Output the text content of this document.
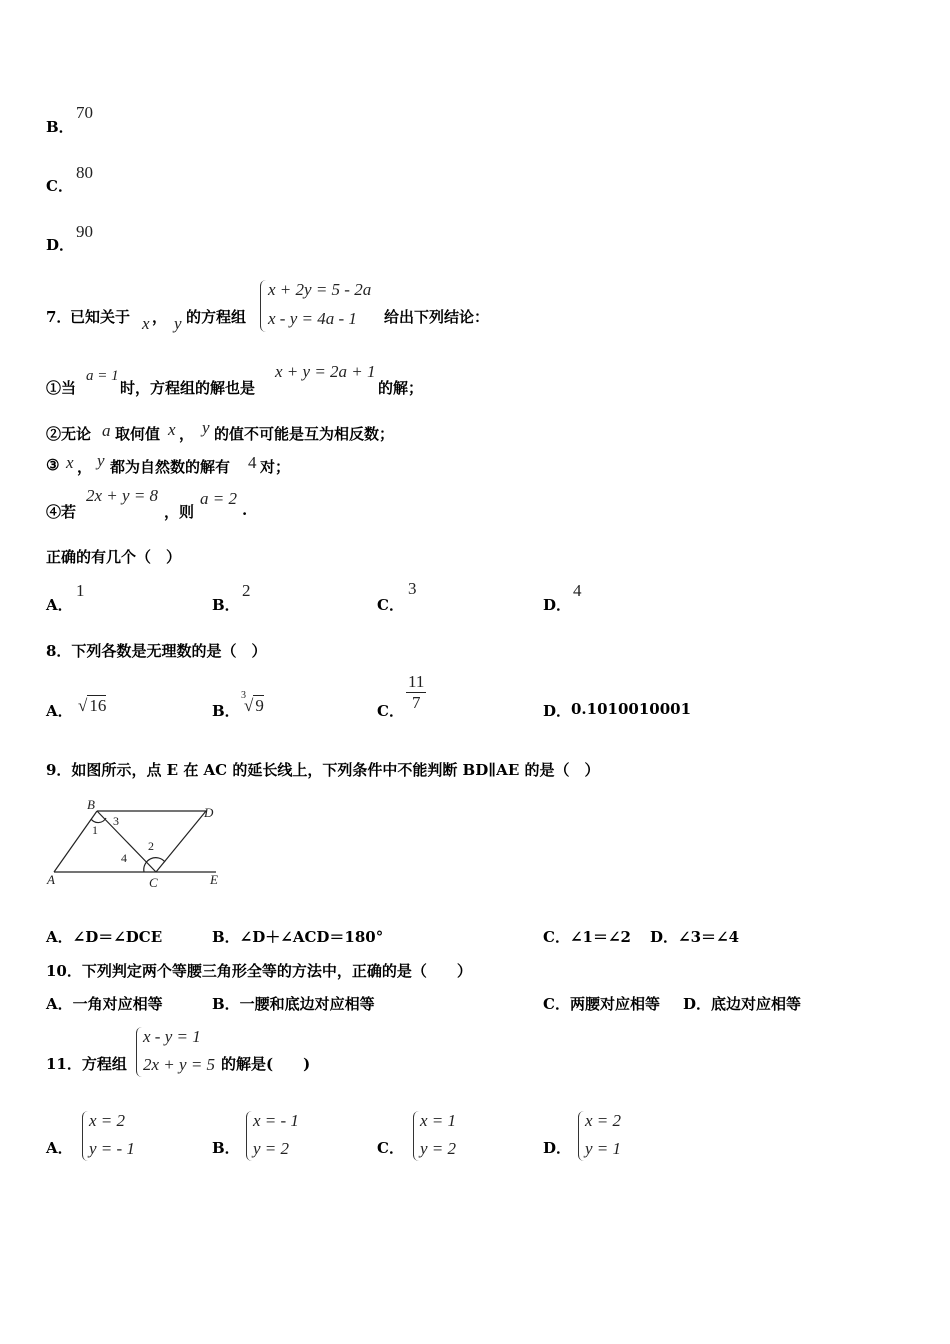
B．
70
C．
80
D．
90
7．
已知关于 x ， y 的方程组
x + 2y = 5 - 2a
x - y = 4a - 1 给出下列结论：
①当
a = 1
时，方程组的解也是
x + y = 2a + 1
的解；
②无论 a 取何值 x ， y 的值不可能是互为相反数；
③ x ， y 都为自然数的解有 4 对；
④若
2x + y = 8
，则
a = 2
.
正确的有几个（　）
A．
1
B．
2
C．
3
D．
4
8．下列各数是无理数的是（　）
A． √ 16	B．
3
√ 9	C． $\frac{11}{7}$	D． 0.1010010001
9．如图所示，点 E 在 AC 的延长线上，下列条件中不能判断 BD∥AE 的是（　）
B
D
A	C	E
1
3
2
4
A．∠D＝∠DCE	B．∠D＋∠ACD＝180°	C．∠1＝∠2 D．∠3＝∠4
10．下列判定两个等腰三角形全等的方法中，正确的是（　　）
A．一角对应相等	B．一腰和底边对应相等	C．两腰对应相等 D．底边对应相等
11．方程组
x - y = 1
2x + y = 5 的解是(　　)
A．
x = 2
y = - 1	B．
x = - 1
y = 2	C．
x = 1
y = 2	D．
x = 2
y = 1
